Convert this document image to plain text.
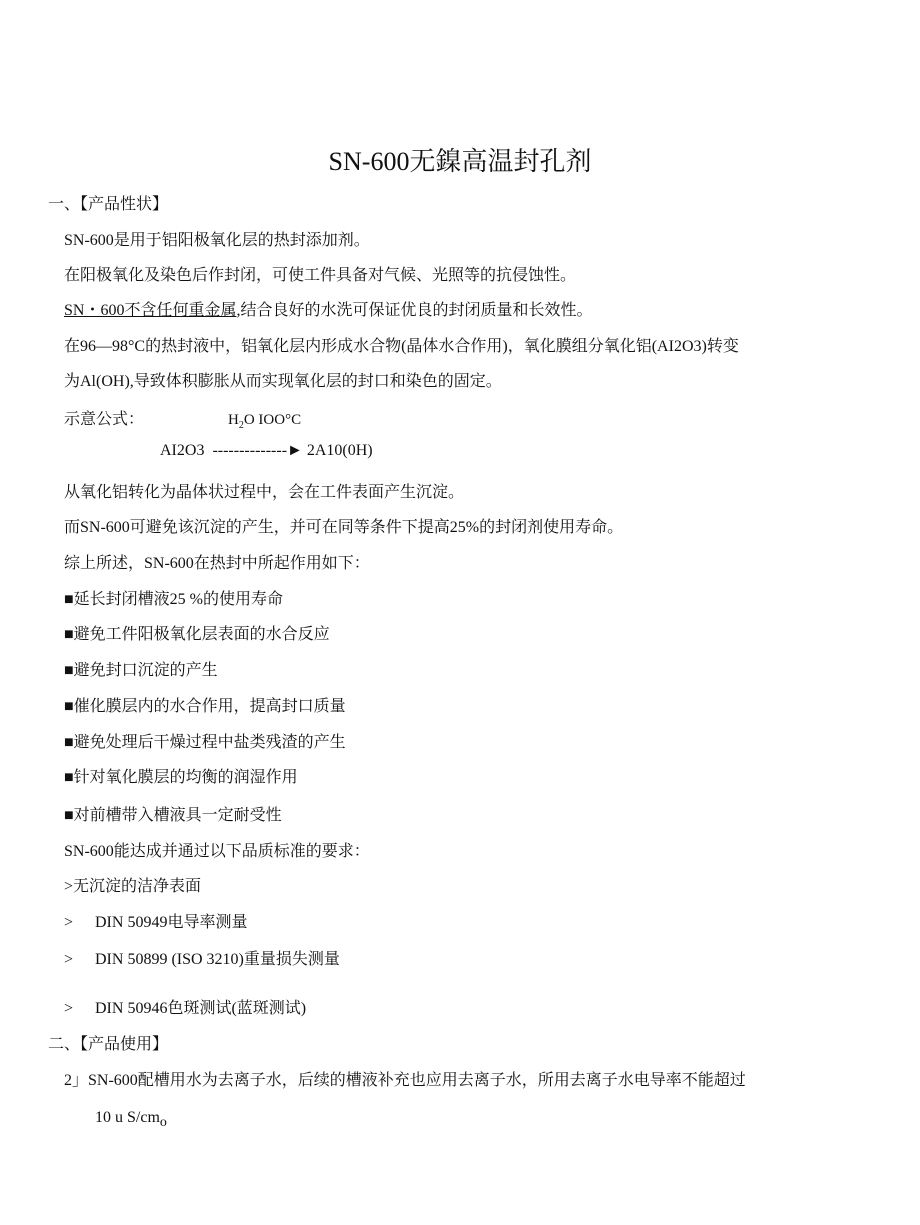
SN-600无鎳高温封孔剂
一、【产品性状】
SN-600是用于铝阳极氧化层的热封添加剂。
在阳极氧化及染色后作封闭，可使工件具备对气候、光照等的抗侵蚀性。
SN・600不含任何重金属,结合良好的水洗可保证优良的封闭质量和长效性。
在96—98°C的热封液中，铝氧化层内形成水合物(晶体水合作用)，氧化膜组分氧化铝(AI2O3)转变
为Al(OH),导致体积膨胀从而实现氧化层的封口和染色的固定。
示意公式：	$H_2O$ IOO°C
AI2O3  --------------► 2A10(0H)
从氧化铝转化为晶体状过程中，会在工件表面产生沉淀。
而SN-600可避免该沉淀的产生，并可在同等条件下提高25%的封闭剂使用寿命。
综上所述，SN-600在热封中所起作用如下：
■延长封闭槽液25 %的使用寿命
■避免工件阳极氧化层表面的水合反应
■避免封口沉淀的产生
■催化膜层内的水合作用，提高封口质量
■避免处理后干燥过程中盐类残渣的产生
■针对氧化膜层的均衡的润湿作用
■对前槽带入槽液具一定耐受性
SN-600能达成并通过以下品质标准的要求：
>无沉淀的洁净表面
> DIN 50949电导率测量
> DIN 50899 (ISO 3210)重量损失测量
> DIN 50946色斑测试(蓝斑测试)
二、【产品使用】
2」SN-600配槽用水为去离子水，后续的槽液补充也应用去离子水，所用去离子水电导率不能超过
10 u $S/cm_o$
